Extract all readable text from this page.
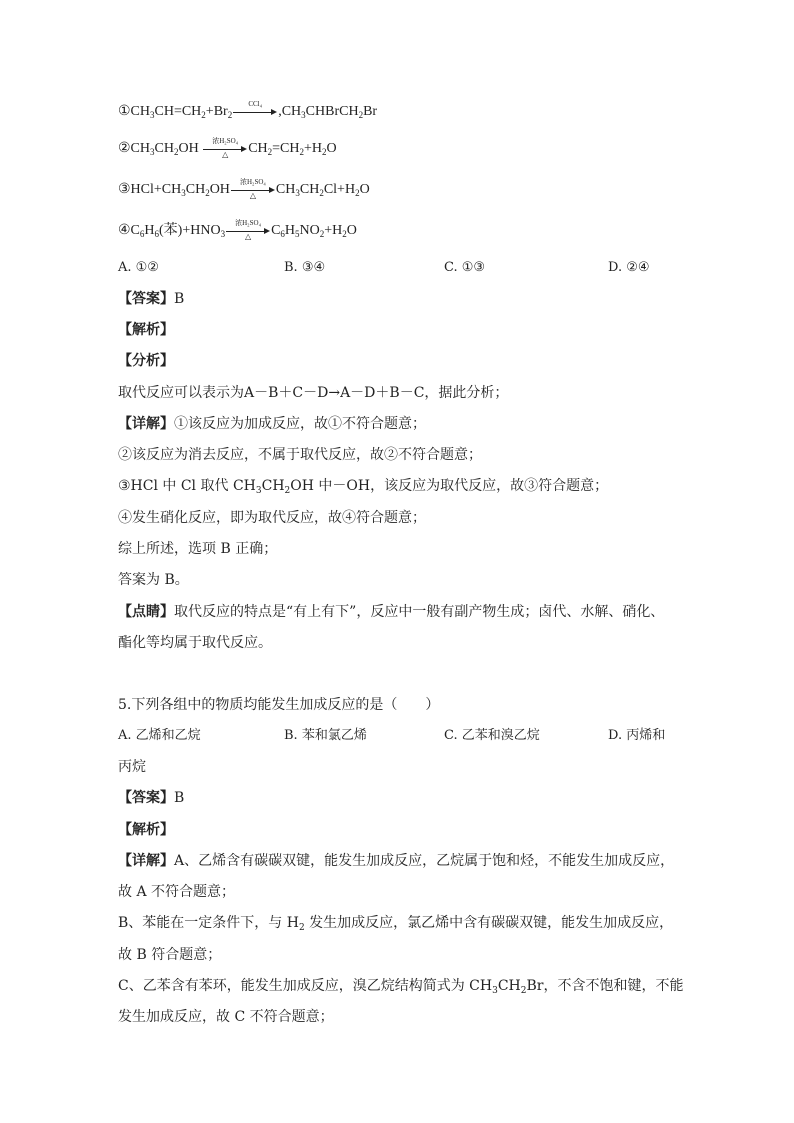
$①CH_3CH=CH_2+Br_2$
CCl₄
$,CH_3CHBrCH_2Br$
$②CH_3CH_2OH$
浓H₂SO₄
△	$CH_2=CH_2+H_2O$
$③HCl+CH_3CH_2OH$
浓H₂SO₄
△	$CH_3CH_2Cl+H_2O$
$④C_6H_6$(苯)$+HNO_3$
浓H₂SO₄
△	$C_6H_5NO_2+H_2O$
A. ①②	B. ③④	C. ①③	D. ②④
【答案】B
【解析】
【分析】
取代反应可以表示为A－B＋C－D→A－D＋B－C，据此分析；
【详解】①该反应为加成反应，故①不符合题意；
②该反应为消去反应，不属于取代反应，故②不符合题意；
③HCl 中 Cl 取代 $CH_3CH_2OH$ 中－OH，该反应为取代反应，故③符合题意；
④发生硝化反应，即为取代反应，故④符合题意；
综上所述，选项 B 正确；
答案为 B。
【点睛】取代反应的特点是“有上有下”，反应中一般有副产物生成；卤代、水解、硝化、
酯化等均属于取代反应。
5.下列各组中的物质均能发生加成反应的是（　　）
A. 乙烯和乙烷	B. 苯和氯乙烯	C. 乙苯和溴乙烷	D. 丙烯和
丙烷
【答案】B
【解析】
【详解】A、乙烯含有碳碳双键，能发生加成反应，乙烷属于饱和烃，不能发生加成反应，
故 A 不符合题意；
B、苯能在一定条件下，与 $H_2$ 发生加成反应，氯乙烯中含有碳碳双键，能发生加成反应，
故 B 符合题意；
C、乙苯含有苯环，能发生加成反应，溴乙烷结构简式为 $CH_3CH_2Br$，不含不饱和键，不能
发生加成反应，故 C 不符合题意；
